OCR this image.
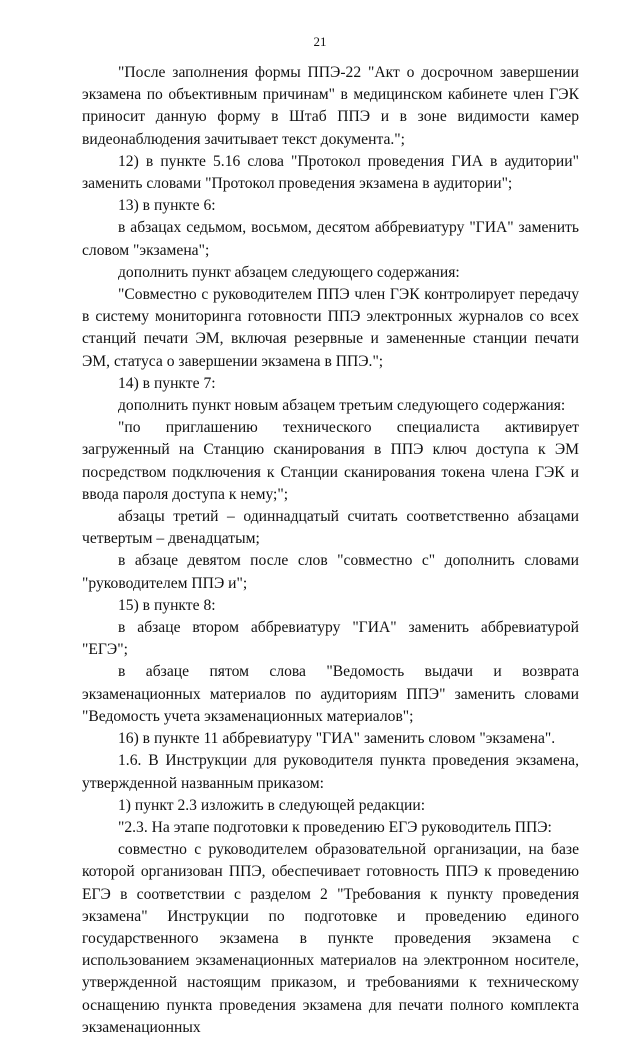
21

"После заполнения формы ППЭ-22 "Акт о досрочном завершении экзамена по объективным причинам" в медицинском кабинете член ГЭК приносит данную форму в Штаб ППЭ и в зоне видимости камер видеонаблюдения зачитывает текст документа.";

12) в пункте 5.16 слова "Протокол проведения ГИА в аудитории" заменить словами "Протокол проведения экзамена в аудитории";

13) в пункте 6:

в абзацах седьмом, восьмом, десятом аббревиатуру "ГИА" заменить словом "экзамена";

дополнить пункт абзацем следующего содержания:

"Совместно с руководителем ППЭ член ГЭК контролирует передачу в систему мониторинга готовности ППЭ электронных журналов со всех станций печати ЭМ, включая резервные и замененные станции печати ЭМ, статуса о завершении экзамена в ППЭ.";

14) в пункте 7:

дополнить пункт новым абзацем третьим следующего содержания:

"по приглашению технического специалиста активирует загруженный на Станцию сканирования в ППЭ ключ доступа к ЭМ посредством подключения к Станции сканирования токена члена ГЭК и ввода пароля доступа к нему;";

абзацы третий – одиннадцатый считать соответственно абзацами четвертым – двенадцатым;

в абзаце девятом после слов "совместно с" дополнить словами "руководителем ППЭ и";

15) в пункте 8:

в абзаце втором аббревиатуру "ГИА" заменить аббревиатурой "ЕГЭ";

в абзаце пятом слова "Ведомость выдачи и возврата экзаменационных материалов по аудиториям ППЭ" заменить словами "Ведомость учета экзаменационных материалов";

16) в пункте 11 аббревиатуру "ГИА" заменить словом "экзамена".

1.6. В Инструкции для руководителя пункта проведения экзамена, утвержденной названным приказом:

1) пункт 2.3 изложить в следующей редакции:

"2.3. На этапе подготовки к проведению ЕГЭ руководитель ППЭ:

совместно с руководителем образовательной организации, на базе которой организован ППЭ, обеспечивает готовность ППЭ к проведению ЕГЭ в соответствии с разделом 2 "Требования к пункту проведения экзамена" Инструкции по подготовке и проведению единого государственного экзамена в пункте проведения экзамена с использованием экзаменационных материалов на электронном носителе, утвержденной настоящим приказом, и требованиями к техническому оснащению пункта проведения экзамена для печати полного комплекта экзаменационных
